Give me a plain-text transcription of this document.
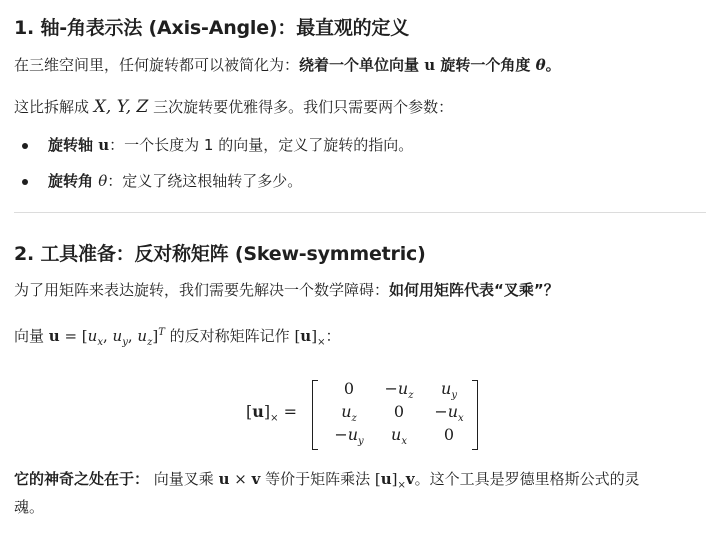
1. 轴-角表示法 (Axis-Angle)：最直观的定义
在三维空间里，任何旋转都可以被简化为：绕着一个单位向量 u 旋转一个角度 θ。
这比拆解成 X, Y, Z 三次旋转要优雅得多。我们只需要两个参数：
旋转轴 u：一个长度为 1 的向量，定义了旋转的指向。
旋转角 θ：定义了绕这根轴转了多少。
2. 工具准备：反对称矩阵 (Skew-symmetric)
为了用矩阵来表达旋转，我们需要先解决一个数学障碍：如何用矩阵代表“叉乘”？
向量 $u = [u_x$, $u_y$, $u_z]^T$ 的反对称矩阵记作 $[u]_\times$：
$[u]_\times$ =
0	$-u_z$	$u_y$
$u_z$	0	$-u_x$
$-u_y$	$u_x$	0
它的神奇之处在于： 向量叉乘 u × v 等价于矩阵乘法 $[u]_\times v$。这个工具是罗德里格斯公式的灵
魂。
